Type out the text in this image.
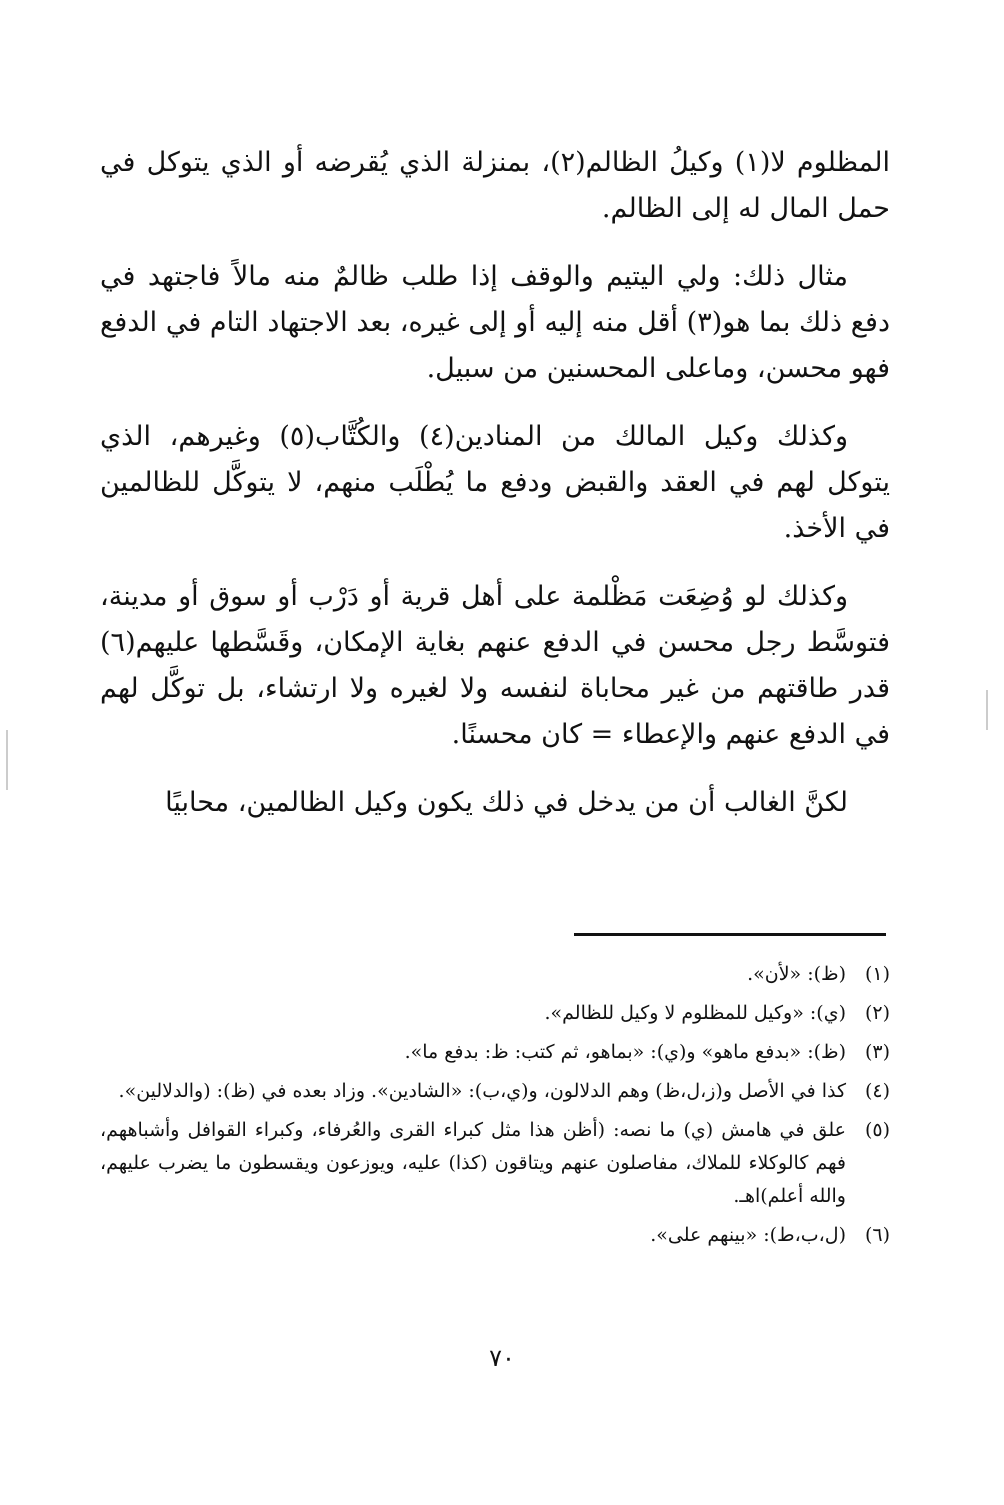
المظلوم لا(١) وكيلُ الظالم(٢)، بمنزلة الذي يُقرضه أو الذي يتوكل في حمل المال له إلى الظالم.

مثال ذلك: ولي اليتيم والوقف إذا طلب ظالمٌ منه مالاً فاجتهد في دفع ذلك بما هو(٣) أقل منه إليه أو إلى غيره، بعد الاجتهاد التام في الدفع فهو محسن، وماعلى المحسنين من سبيل.

وكذلك وكيل المالك من المنادين(٤) والكُتَّاب(٥) وغيرهم، الذي يتوكل لهم في العقد والقبض ودفع ما يُطْلَب منهم، لا يتوكَّل للظالمين في الأخذ.

وكذلك لو وُضِعَت مَظْلمة على أهل قرية أو دَرْب أو سوق أو مدينة، فتوسَّط رجل محسن في الدفع عنهم بغاية الإمكان، وقَسَّطها عليهم(٦) قدر طاقتهم من غير محاباة لنفسه ولا لغيره ولا ارتشاء، بل توكَّل لهم في الدفع عنهم والإعطاء = كان محسنًا.

لكنَّ الغالب أن من يدخل في ذلك يكون وكيل الظالمين، محابيًا

(١)
(ظ): «لأن».
(٢)
(ي): «وكيل للمظلوم لا وكيل للظالم».
(٣)
(ظ): «بدفع ماهو» و(ي): «بماهو، ثم كتب: ظ: بدفع ما».
(٤)
كذا في الأصل و(ز،ل،ظ) وهم الدلالون، و(ي،ب): «الشادين». وزاد بعده في (ظ): (والدلالين».
(٥)
علق في هامش (ي) ما نصه: (أظن هذا مثل كبراء القرى والعُرفاء، وكبراء القوافل وأشباههم، فهم كالوكلاء للملاك، مفاصلون عنهم ويتاقون (كذا) عليه، ويوزعون ويقسطون ما يضرب عليهم، والله أعلم)اهـ.
(٦)
(ل،ب،ط): «بينهم على».
٧٠
